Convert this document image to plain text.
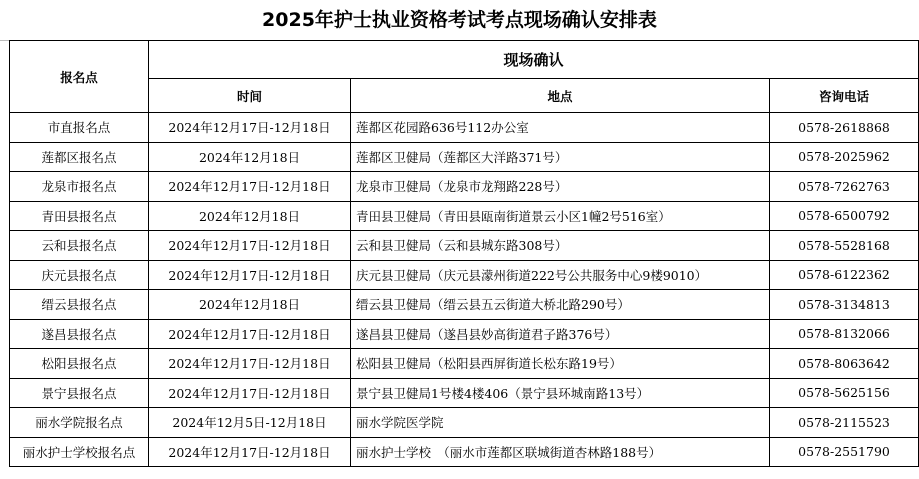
2025年护士执业资格考试考点现场确认安排表
报名点	现场确认		
	时间	地点	咨询电话
市直报名点	2024年12月17日-12月18日	莲都区花园路636号112办公室	0578-2618868
莲都区报名点	2024年12月18日	莲都区卫健局（莲都区大洋路371号）	0578-2025962
龙泉市报名点	2024年12月17日-12月18日	龙泉市卫健局（龙泉市龙翔路228号）	0578-7262763
青田县报名点	2024年12月18日	青田县卫健局（青田县瓯南街道景云小区1幢2号516室）	0578-6500792
云和县报名点	2024年12月17日-12月18日	云和县卫健局（云和县城东路308号）	0578-5528168
庆元县报名点	2024年12月17日-12月18日	庆元县卫健局（庆元县濛州街道222号公共服务中心9楼9010）	0578-6122362
缙云县报名点	2024年12月18日	缙云县卫健局（缙云县五云街道大桥北路290号）	0578-3134813
遂昌县报名点	2024年12月17日-12月18日	遂昌县卫健局（遂昌县妙高街道君子路376号）	0578-8132066
松阳县报名点	2024年12月17日-12月18日	松阳县卫健局（松阳县西屏街道长松东路19号）	0578-8063642
景宁县报名点	2024年12月17日-12月18日	景宁县卫健局1号楼4楼406（景宁县环城南路13号）	0578-5625156
丽水学院报名点	2024年12月5日-12月18日	丽水学院医学院	0578-2115523
丽水护士学校报名点	2024年12月17日-12月18日	丽水护士学校　（丽水市莲都区联城街道杏林路188号）	0578-2551790
